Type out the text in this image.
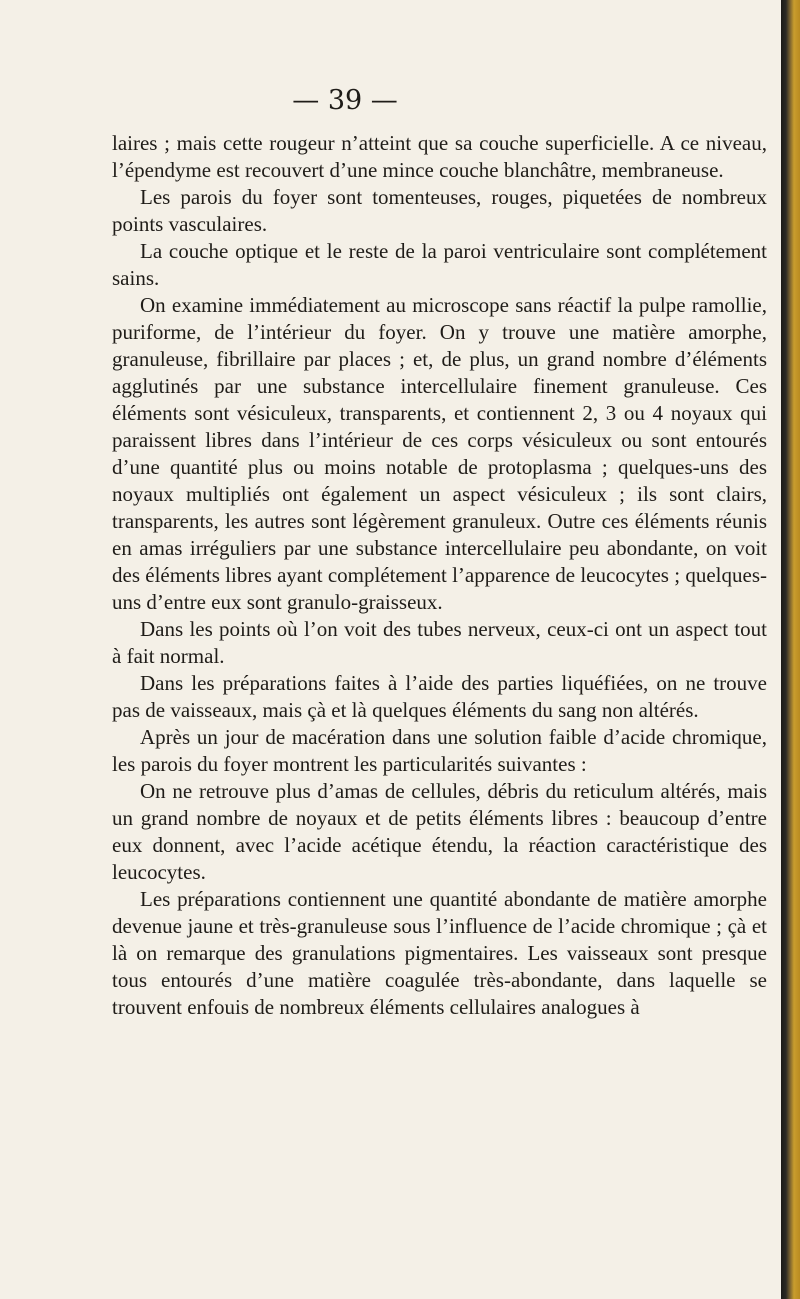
— 39 —

laires ; mais cette rougeur n’atteint que sa couche superficielle. A ce niveau, l’épendyme est recouvert d’une mince couche blanchâtre, membraneuse.

Les parois du foyer sont tomenteuses, rouges, piquetées de nombreux points vasculaires.

La couche optique et le reste de la paroi ventriculaire sont complétement sains.

On examine immédiatement au microscope sans réactif la pulpe ramollie, puriforme, de l’intérieur du foyer. On y trouve une matière amorphe, granuleuse, fibrillaire par places ; et, de plus, un grand nombre d’éléments agglutinés par une substance intercellulaire finement granuleuse. Ces éléments sont vésiculeux, transparents, et contiennent 2, 3 ou 4 noyaux qui paraissent libres dans l’intérieur de ces corps vésiculeux ou sont entourés d’une quantité plus ou moins notable de protoplasma ; quelques-uns des noyaux multipliés ont également un aspect vésiculeux ; ils sont clairs, transparents, les autres sont légèrement granuleux. Outre ces éléments réunis en amas irréguliers par une substance intercellulaire peu abondante, on voit des éléments libres ayant complétement l’apparence de leucocytes ; quelques-uns d’entre eux sont granulo-graisseux.

Dans les points où l’on voit des tubes nerveux, ceux-ci ont un aspect tout à fait normal.

Dans les préparations faites à l’aide des parties liquéfiées, on ne trouve pas de vaisseaux, mais çà et là quelques éléments du sang non altérés.

Après un jour de macération dans une solution faible d’acide chromique, les parois du foyer montrent les particularités suivantes :

On ne retrouve plus d’amas de cellules, débris du reticulum altérés, mais un grand nombre de noyaux et de petits éléments libres : beaucoup d’entre eux donnent, avec l’acide acétique étendu, la réaction caractéristique des leucocytes.

Les préparations contiennent une quantité abondante de matière amorphe devenue jaune et très-granuleuse sous l’influence de l’acide chromique ; çà et là on remarque des granulations pigmentaires. Les vaisseaux sont presque tous entourés d’une matière coagulée très-abondante, dans laquelle se trouvent enfouis de nombreux éléments cellulaires analogues à
